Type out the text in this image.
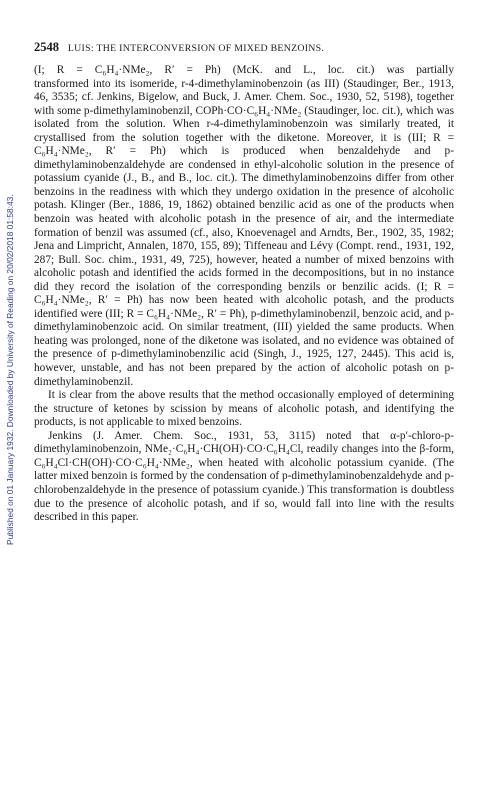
2548 LUIS: THE INTERCONVERSION OF MIXED BENZOINS.
Published on 01 January 1932. Downloaded by University of Reading on 20/02/2018 01:58:43.

(I; R = C₆H₄·NMe₂, R′ = Ph) (McK. and L., loc. cit.) was partially

transformed into its isomeride, r-4-dimethylaminobenzoin (as III) (Staudinger, Ber., 1913, 46, 3535; cf. Jenkins, Bigelow, and Buck, J. Amer. Chem. Soc., 1930, 52, 5198), together with some p-dimethylaminobenzil, COPh·CO·C₆H₄·NMe₂ (Staudinger, loc. cit.), which was isolated from the solution. When r-4-dimethylaminobenzoin was similarly treated, it crystallised from the solution together with the diketone. Moreover, it is (III; R = C₆H₄·NMe₂, R′ = Ph) which is produced when benzaldehyde and p-dimethylaminobenzaldehyde are condensed in ethyl-alcoholic solution in the presence of potassium cyanide (J., B., and B., loc. cit.). The dimethylaminobenzoins differ from other benzoins in the readiness with which they undergo oxidation in the presence of alcoholic potash. Klinger (Ber., 1886, 19, 1862) obtained benzilic acid as one of the products when benzoin was heated with alcoholic potash in the presence of air, and the intermediate formation of benzil was assumed (cf., also, Knoevenagel and Arndts, Ber., 1902, 35, 1982; Jena and Limpricht, Annalen, 1870, 155, 89); Tiffeneau and Lévy (Compt. rend., 1931, 192, 287; Bull. Soc. chim., 1931, 49, 725), however, heated a number of mixed benzoins with alcoholic potash and identified the acids formed in the decompositions, but in no instance did they record the isolation of the corresponding benzils or benzilic acids. (I; R = C₆H₄·NMe₂, R′ = Ph) has now been heated with alcoholic potash, and the products identified were (III; R = C₆H₄·NMe₂, R′ = Ph), p-dimethylaminobenzil, benzoic acid, and p-dimethylaminobenzoic acid. On similar treatment, (III) yielded the same products. When heating was prolonged, none of the diketone was isolated, and no evidence was obtained of the presence of p-dimethylaminobenzilic acid (Singh, J., 1925, 127, 2445). This acid is, however, unstable, and has not been prepared by the action of alcoholic potash on p-dimethylaminobenzil.

It is clear from the above results that the method occasionally employed of determining the structure of ketones by scission by means of alcoholic potash, and identifying the products, is not applicable to mixed benzoins.

Jenkins (J. Amer. Chem. Soc., 1931, 53, 3115) noted that α-p′-chloro-p-dimethylaminobenzoin, NMe₂·C₆H₄·CH(OH)·CO·C₆H₄Cl, readily changes into the β-form, C₆H₄Cl·CH(OH)·CO·C₆H₄·NMe₂, when heated with alcoholic potassium cyanide. (The latter mixed benzoin is formed by the condensation of p-dimethylaminobenzaldehyde and p-chlorobenzaldehyde in the presence of potassium cyanide.) This transformation is doubtless due to the presence of alcoholic potash, and if so, would fall into line with the results described in this paper.
